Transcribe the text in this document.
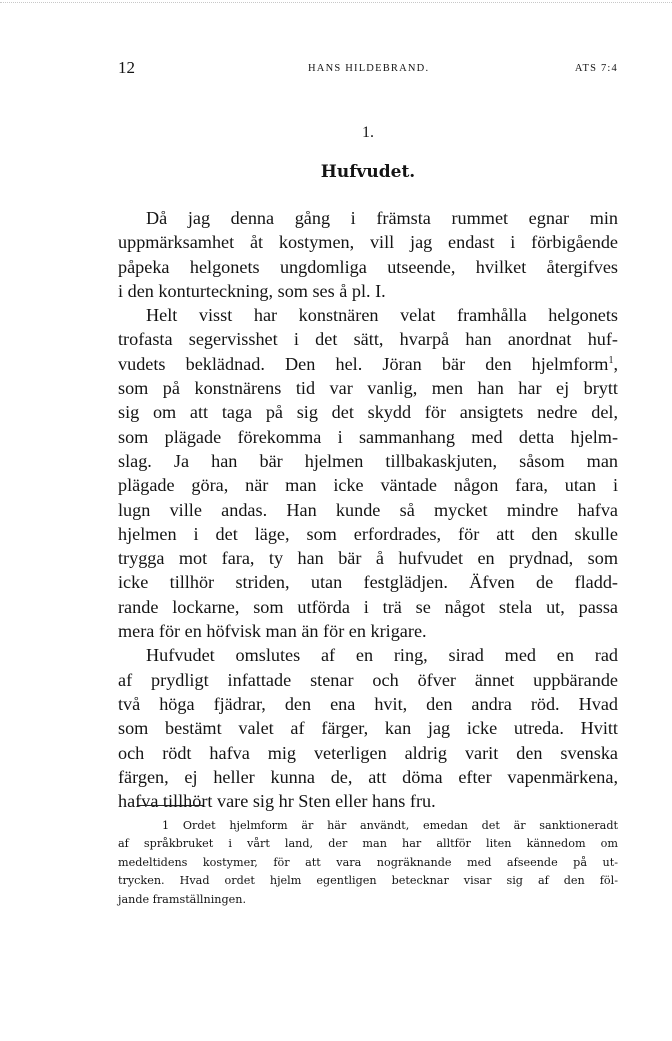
12	HANS HILDEBRAND.	ATS 7:4
1.
Hufvudet.
Då jag denna gång i främsta rummet egnar min
uppmärksamhet åt kostymen, vill jag endast i förbigående
påpeka helgonets ungdomliga utseende, hvilket återgifves
i den konturteckning, som ses å pl. I.
Helt visst har konstnären velat framhålla helgonets
trofasta segervisshet i det sätt, hvarpå han anordnat huf-
vudets beklädnad. Den hel. Jöran bär den hjelmform$^1$,
som på konstnärens tid var vanlig, men han har ej brytt
sig om att taga på sig det skydd för ansigtets nedre del,
som plägade förekomma i sammanhang med detta hjelm-
slag. Ja han bär hjelmen tillbakaskjuten, såsom man
plägade göra, när man icke väntade någon fara, utan i
lugn ville andas. Han kunde så mycket mindre hafva
hjelmen i det läge, som erfordrades, för att den skulle
trygga mot fara, ty han bär å hufvudet en prydnad, som
icke tillhör striden, utan festglädjen. Äfven de fladd-
rande lockarne, som utförda i trä se något stela ut, passa
mera för en höfvisk man än för en krigare.
Hufvudet omslutes af en ring, sirad med en rad
af prydligt infattade stenar och öfver ännet uppbärande
två höga fjädrar, den ena hvit, den andra röd. Hvad
som bestämt valet af färger, kan jag icke utreda. Hvitt
och rödt hafva mig veterligen aldrig varit den svenska
färgen, ej heller kunna de, att döma efter vapenmärkena,
hafva tillhört vare sig hr Sten eller hans fru.
1 Ordet hjelmform är här användt, emedan det är sanktioneradt
af språkbruket i vårt land, der man har alltför liten kännedom om
medeltidens kostymer, för att vara nogräknande med afseende på ut-
trycken. Hvad ordet hjelm egentligen betecknar visar sig af den föl-
jande framställningen.
